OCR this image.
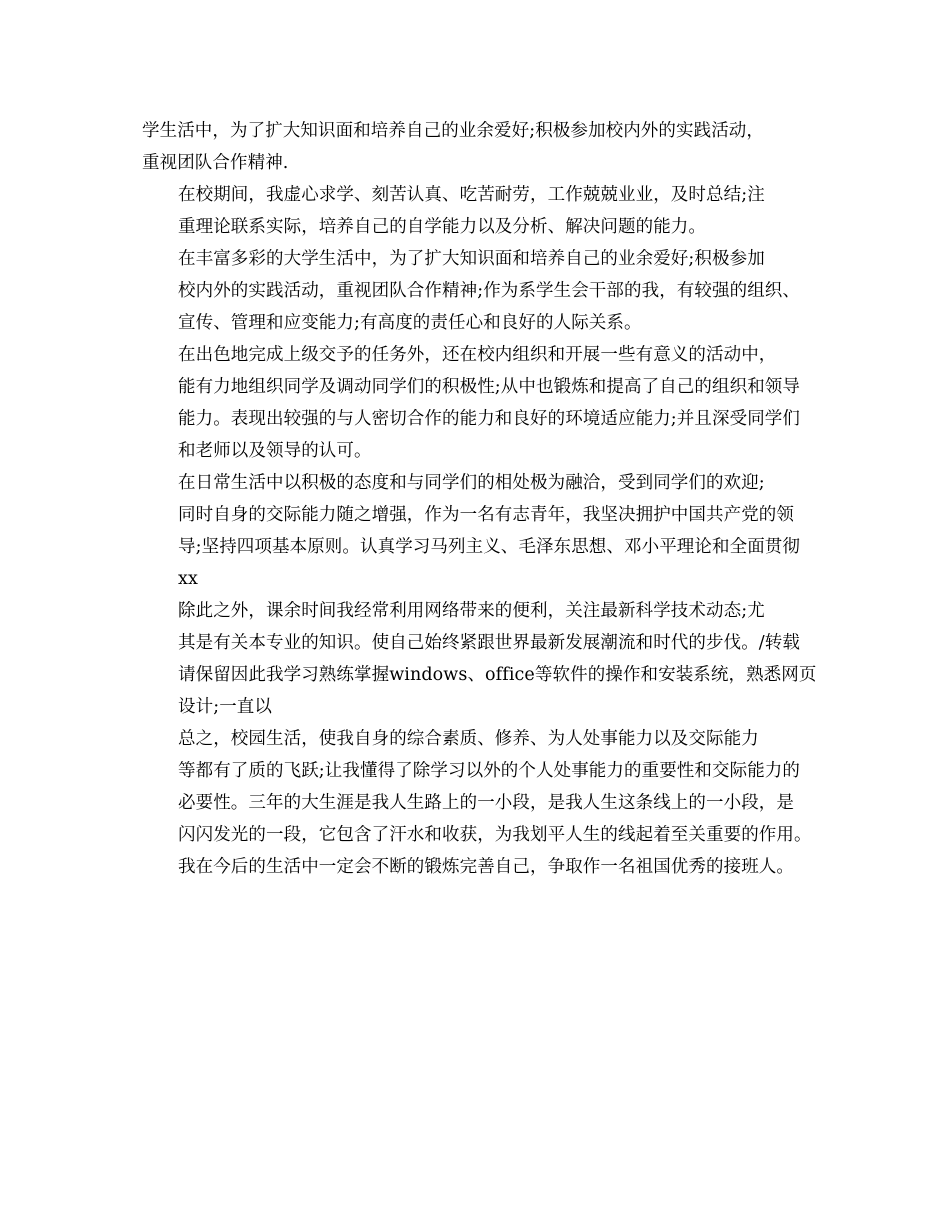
学生活中，为了扩大知识面和培养自己的业余爱好;积极参加校内外的实践活动，
重视团队合作精神.

在校期间，我虚心求学、刻苦认真、吃苦耐劳，工作兢兢业业，及时总结;注
重理论联系实际，培养自己的自学能力以及分析、解决问题的能力。

在丰富多彩的大学生活中，为了扩大知识面和培养自己的业余爱好;积极参加
校内外的实践活动，重视团队合作精神;作为系学生会干部的我，有较强的组织、
宣传、管理和应变能力;有高度的责任心和良好的人际关系。

在出色地完成上级交予的任务外，还在校内组织和开展一些有意义的活动中，
能有力地组织同学及调动同学们的积极性;从中也锻炼和提高了自己的组织和领导
能力。表现出较强的与人密切合作的能力和良好的环境适应能力;并且深受同学们
和老师以及领导的认可。

在日常生活中以积极的态度和与同学们的相处极为融洽，受到同学们的欢迎;
同时自身的交际能力随之增强，作为一名有志青年，我坚决拥护中国共产党的领
导;坚持四项基本原则。认真学习马列主义、毛泽东思想、邓小平理论和全面贯彻
xx

除此之外，课余时间我经常利用网络带来的便利，关注最新科学技术动态;尤
其是有关本专业的知识。使自己始终紧跟世界最新发展潮流和时代的步伐。/转载
请保留因此我学习熟练掌握windows、office等软件的操作和安装系统，熟悉网页
设计;一直以

总之，校园生活，使我自身的综合素质、修养、为人处事能力以及交际能力
等都有了质的飞跃;让我懂得了除学习以外的个人处事能力的重要性和交际能力的
必要性。三年的大生涯是我人生路上的一小段，是我人生这条线上的一小段，是
闪闪发光的一段，它包含了汗水和收获，为我划平人生的线起着至关重要的作用。
我在今后的生活中一定会不断的锻炼完善自己，争取作一名祖国优秀的接班人。
